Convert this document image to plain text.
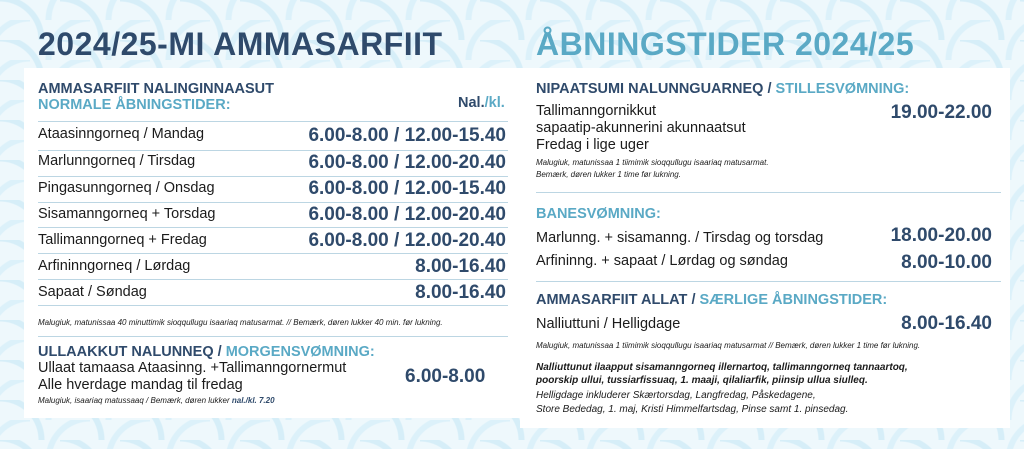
2024/25-MI AMMASARFIIT	ÅBNINGSTIDER 2024/25
AMMASARFIIT NALINGINNAASUT
NORMALE ÅBNINGSTIDER:	Nal./kl.
Ataasinngorneq / Mandag	6.00-8.00 / 12.00-15.40
Marlunngorneq / Tirsdag	6.00-8.00 / 12.00-20.40
Pingasunngorneq / Onsdag	6.00-8.00 / 12.00-15.40
Sisamanngorneq + Torsdag	6.00-8.00 / 12.00-20.40
Tallimanngorneq + Fredag	6.00-8.00 / 12.00-20.40
Arfininngorneq / Lørdag	8.00-16.40
Sapaat / Søndag	8.00-16.40
Malugiuk, matunissaa 40 minuttimik sioqqullugu isaariaq matusarmat. // Bemærk, døren lukker 40 min. før lukning.
ULLAAKKUT NALUNNEQ / MORGENSVØMNING:
Ullaat tamaasa Ataasinng. +Tallimanngornermut
Alle hverdage mandag til fredag	6.00-8.00
Malugiuk, isaariaq matussaaq / Bemærk, døren lukker nal./kl. 7.20
NIPAATSUMI NALUNNGUARNEQ / STILLESVØMNING:
Tallimanngornikkut
sapaatip-akunnerini akunnaatsut
Fredag i lige uger
19.00-22.00
Malugiuk, matunissaa 1 tiimimik sioqqullugu isaariaq matusarmat.
Bemærk, døren lukker 1 time før lukning.
BANESVØMNING:
Marlunng. + sisamanng. / Tirsdag og torsdag	18.00-20.00
Arfininng. + sapaat / Lørdag og søndag	8.00-10.00
AMMASARFIIT ALLAT / SÆRLIGE ÅBNINGSTIDER:
Nalliuttuni / Helligdage	8.00-16.40
Malugiuk, matunissaa 1 tiimimik sioqqullugu isaariaq matusarmat // Bemærk, døren lukker 1 time før lukning.
Nalliuttunut ilaapput sisamanngorneq illernartoq, tallimanngorneq tannaartoq,
poorskip ullui, tussiarfissuaq, 1. maaji, qilaliarfik, piinsip ullua siulleq.
Helligdage inkluderer Skærtorsdag, Langfredag, Påskedagene,
Store Bededag, 1. maj, Kristi Himmelfartsdag, Pinse samt 1. pinsedag.
